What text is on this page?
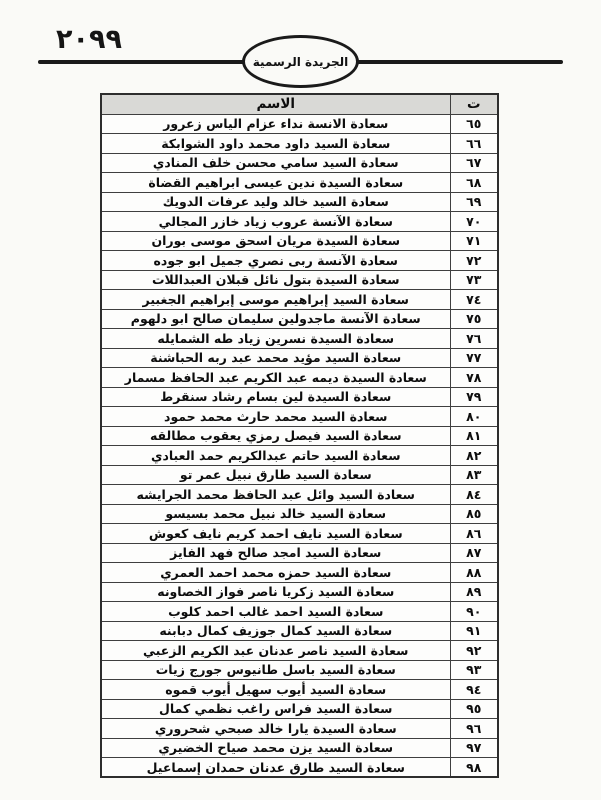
٢٠٩٩
الجريدة الرسمية
ت	الاسم
٦٥	سعادة الانسة نداء عزام الياس زعرور
٦٦	سعادة السيد داود محمد داود الشوابكة
٦٧	سعادة السيد سامي محسن خلف المنادي
٦٨	سعادة السيدة ندين عيسى ابراهيم القضاة
٦٩	سعادة السيد خالد وليد عرفات الدويك
٧٠	سعادة الآنسة عروب زياد خازر المجالي
٧١	سعادة السيدة مريان اسحق موسى بوران
٧٢	سعادة الآنسة ربى نصري جميل ابو جوده
٧٣	سعادة السيدة بتول نائل قبلان العبداللات
٧٤	سعادة السيد إبراهيم موسى إبراهيم الجغبير
٧٥	سعادة الآنسة ماجدولين سليمان صالح ابو دلهوم
٧٦	سعادة السيدة نسرين زياد طه الشمايله
٧٧	سعادة السيد مؤيد محمد عبد ربه الحباشنة
٧٨	سعادة السيدة ديمه عبد الكريم عبد الحافظ مسمار
٧٩	سعادة السيدة لين بسام رشاد سنقرط
٨٠	سعادة السيد محمد حارث محمد حمود
٨١	سعادة السيد فيصل رمزي يعقوب مطالقه
٨٢	سعادة السيد حاتم عبدالكريم حمد العبادي
٨٣	سعادة السيد طارق نبيل عمر تو
٨٤	سعادة السيد وائل عبد الحافظ محمد الجرايشه
٨٥	سعادة السيد خالد نبيل محمد بسيسو
٨٦	سعادة السيد نايف احمد كريم نايف كعوش
٨٧	سعادة السيد امجد صالح فهد الفايز
٨٨	سعادة السيد حمزه محمد احمد العمري
٨٩	سعادة السيد زكريا ناصر فواز الخصاونه
٩٠	سعادة السيد احمد غالب احمد كلوب
٩١	سعادة السيد كمال جوزيف كمال دبابنه
٩٢	سعادة السيد ناصر عدنان عبد الكريم الزعبي
٩٣	سعادة السيد باسل طانيوس جورج زيات
٩٤	سعادة السيد أيوب سهيل أيوب قموه
٩٥	سعادة السيد فراس راغب نظمي كمال
٩٦	سعادة السيدة يارا خالد صبحي شحروري
٩٧	سعادة السيد يزن محمد صياح الخضيري
٩٨	سعادة السيد طارق عدنان حمدان إسماعيل
